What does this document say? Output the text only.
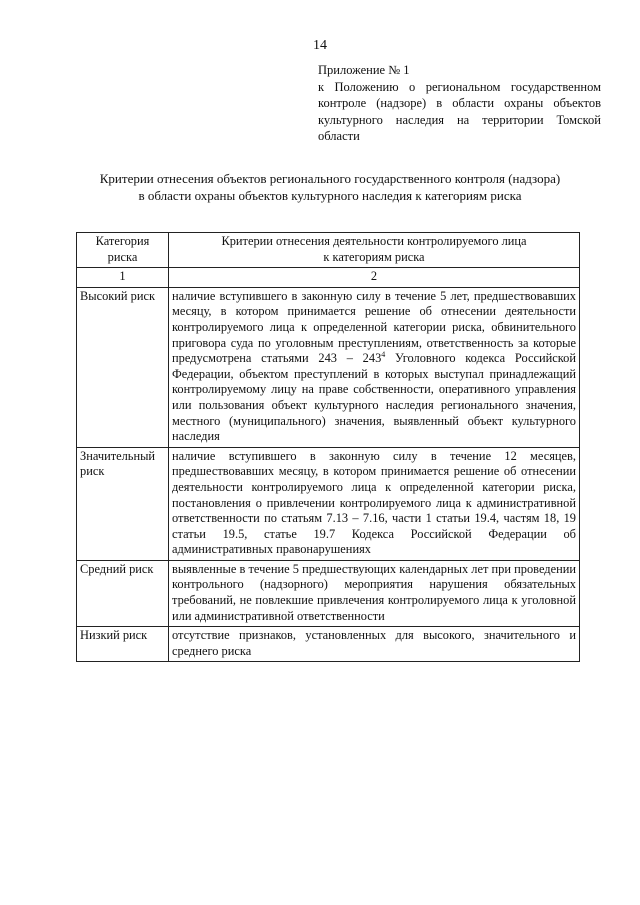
14
Приложение № 1
к Положению о региональном государственном контроле (надзоре) в области охраны объектов культурного наследия на территории Томской области
Критерии отнесения объектов регионального государственного контроля (надзора)
в области охраны объектов культурного наследия к категориям риска
Категория риска	Критерии отнесения деятельности контролируемого лица
к категориям риска

1	2
Высокий риск	наличие вступившего в законную силу в течение 5 лет, предшествовавших месяцу, в котором принимается решение об отнесении деятельности контролируемого лица к определенной категории риска, обвинительного приговора суда по уголовным преступлениям, ответственность за которые предусмотрена статьями $243 - 243^4$ Уголовного кодекса Российской Федерации, объектом преступлений в которых выступал принадлежащий контролируемому лицу на праве собственности, оперативного управления или пользования объект культурного наследия регионального значения, местного (муниципального) значения, выявленный объект культурного наследия
Значительный риск	наличие вступившего в законную силу в течение 12 месяцев, предшествовавших месяцу, в котором принимается решение об отнесении деятельности контролируемого лица к определенной категории риска, постановления о привлечении контролируемого лица к административной ответственности по статьям 7.13 – 7.16, части 1 статьи 19.4, частям 18, 19 статьи 19.5, статье 19.7 Кодекса Российской Федерации об административных правонарушениях
Средний риск	выявленные в течение 5 предшествующих календарных лет при проведении контрольного (надзорного) мероприятия нарушения обязательных требований, не повлекшие привлечения контролируемого лица к уголовной или административной ответственности
Низкий риск	отсутствие признаков, установленных для высокого, значительного и среднего риска
